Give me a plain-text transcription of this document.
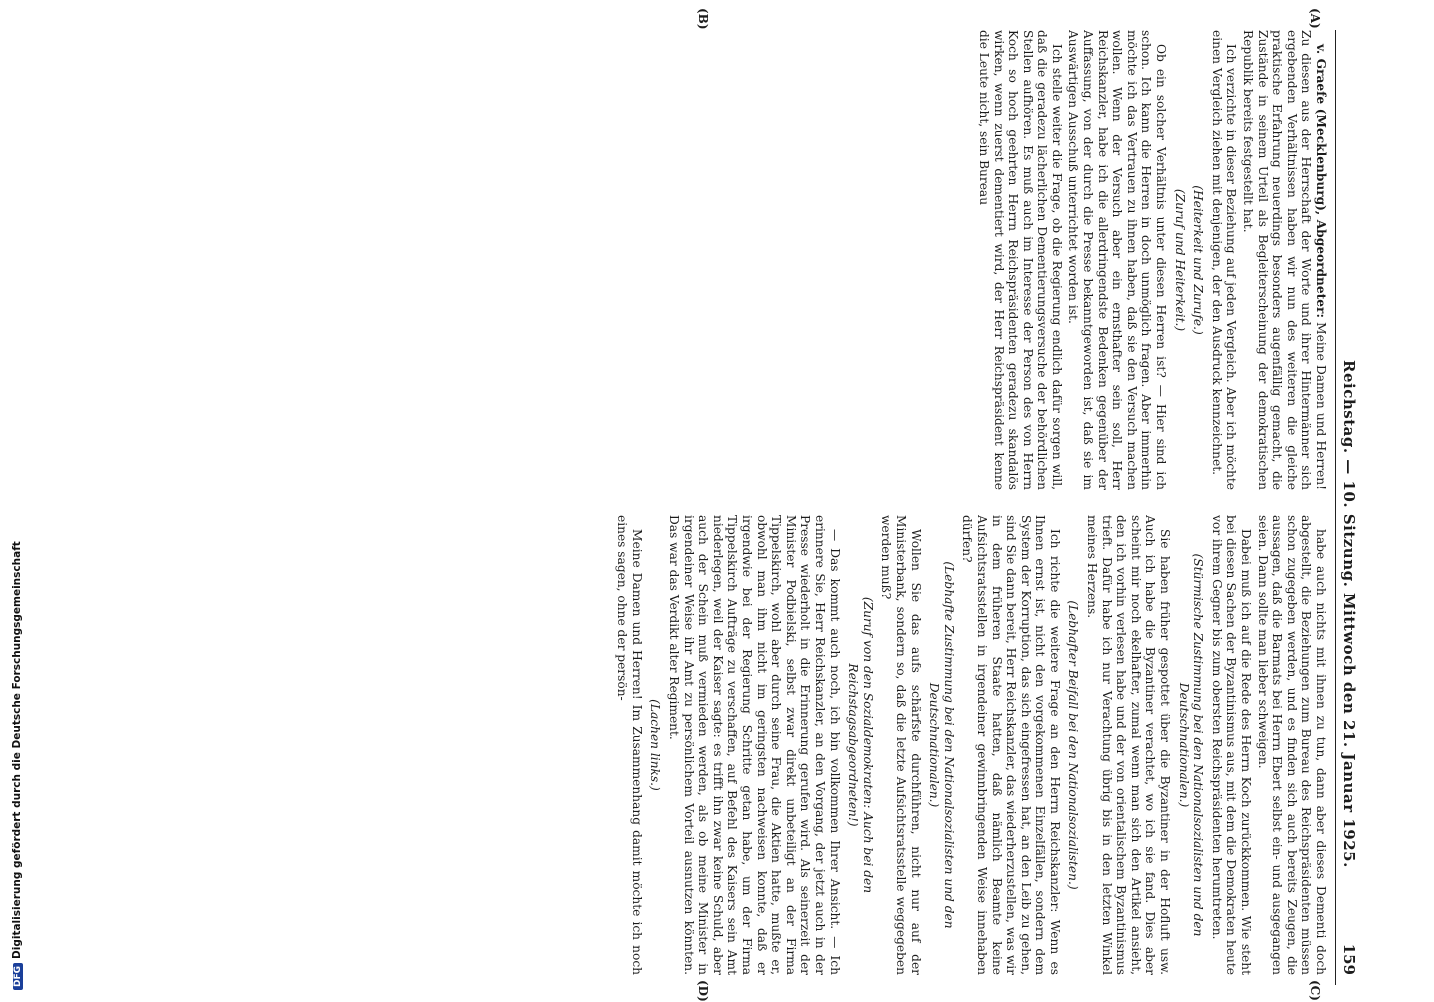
DFGDigitalisierung gefördert durch die Deutsche Forschungsgemeinschaft	Reichstag. — 10. Sitzung. Mittwoch den 21. Januar 1925.
159
(A)
(B)
(C)
(D)

v. Graefe (Mecklenburg), Abgeordneter: Meine Damen und Herren! Zu diesen aus der Herrschaft der Worte und ihrer Hintermänner sich ergebenden Verhältnissen haben wir nun des weiteren die gleiche praktische Erfahrung neuerdings besonders augenfällig gemacht, die Zustände in seinem Urteil als Begleiterscheinung der demokratischen Republik bereits festgestellt hat.

Ich verzichte in dieser Beziehung auf jeden Vergleich. Aber ich möchte einen Vergleich ziehen mit denjenigen, der den Ausdruck kennzeichnet.

(Heiterkeit und Zurufe.)

(Zuruf und Heiterkeit.)

Ob ein solcher Verhältnis unter diesen Herren ist? — Hier sind ich schon. Ich kann die Herren in doch unmöglich fragen. Aber immerhin möchte ich das Vertrauen zu ihnen haben, daß sie den Versuch machen wollen. Wenn der Versuch aber ein ernsthafter sein soll, Herr Reichskanzler, habe ich die allerdringendste Bedenken gegenüber der Auffassung, von der durch die Presse bekanntgeworden ist, daß sie im Auswärtigen Ausschuß unterrichtet worden ist.

Ich stelle weiter die Frage, ob die Regierung endlich dafür sorgen will, daß die geradezu lächerlichen Dementierungsversuche der behördlichen Stellen aufhören. Es muß auch im Interesse der Person des von Herrn Koch so hoch geehrten Herrn Reichspräsidenten geradezu skandalös wirken, wenn zuerst dementiert wird, der Herr Reichspräsident kenne die Leute nicht, sein Bureau

habe auch nichts mit ihnen zu tun, dann aber dieses Dementi doch abgestellt, die Beziehungen zum Bureau des Reichspräsidenten müssen schon zugegeben werden, und es finden sich auch bereits Zeugen, die aussagen, daß die Barmats bei Herrn Ebert selbst ein- und ausgegangen seien. Dann sollte man lieber schweigen.

Dabei muß ich auf die Rede des Herrn Koch zurückkommen. Wie steht bei diesen Sachen der Byzantinismus aus, mit dem die Demokraten heute vor ihrem Gegner bis zum obersten Reichspräsidenten herumtreten.

(Stürmische Zustimmung bei den Nationalsozialisten und den Deutschnationalen.)

Sie haben früher gespottet über die Byzantiner in der Hofluft usw. Auch ich habe die Byzantiner verachtet, wo ich sie fand. Dies aber scheint mir noch ekelhafter, zumal wenn man sich den Artikel ansieht, den ich vorhin verlesen habe und der von orientalischem Byzantinismus trieft. Dafür habe ich nur Verachtung übrig bis in den letzten Winkel meines Herzens.

(Lebhafter Beifall bei den Nationalsozialisten.)

Ich richte die weitere Frage an den Herrn Reichskanzler: Wenn es Ihnen ernst ist, nicht den vorgekommenen Einzelfällen, sondern dem System der Korruption, das sich eingefressen hat, an den Leib zu gehen, sind Sie dann bereit, Herr Reichskanzler, das wiederherzustellen, was wir in dem früheren Staate hatten, daß nämlich Beamte keine Aufsichtsratsstellen in irgendeiner gewinnbringenden Weise innehaben dürfen?

(Lebhafte Zustimmung bei den Nationalsozialisten und den Deutschnationalen.)

Wollen Sie das aufs schärfste durchführen, nicht nur auf der Ministerbank, sondern so, daß die letzte Aufsichtsratsstelle weggegeben werden muß?

(Zuruf von den Sozialdemokraten: Auch bei den Reichstagsabgeordneten!)

— Das kommt auch noch, ich bin vollkommen Ihrer Ansicht. — Ich erinnere Sie, Herr Reichskanzler, an den Vorgang, der jetzt auch in der Presse wiederholt in die Erinnerung gerufen wird. Als seinerzeit der Minister Podbielski, selbst zwar direkt unbeteiligt an der Firma Tippelskirch, wohl aber durch seine Frau, die Aktien hatte, mußte er, obwohl man ihm nicht im geringsten nachweisen konnte, daß er irgendwie bei der Regierung Schritte getan habe, um der Firma Tippelskirch Aufträge zu verschaffen, auf Befehl des Kaisers sein Amt niederlegen, weil der Kaiser sagte: es trifft ihn zwar keine Schuld, aber auch der Schein muß vermieden werden, als ob meine Minister in irgendeiner Weise ihr Amt zu persönlichem Vorteil ausnutzen könnten. Das war das Verdikt alter Regiment.

(Lachen links.)

Meine Damen und Herren! Im Zusammenhang damit möchte ich noch eines sagen, ohne der persön-
